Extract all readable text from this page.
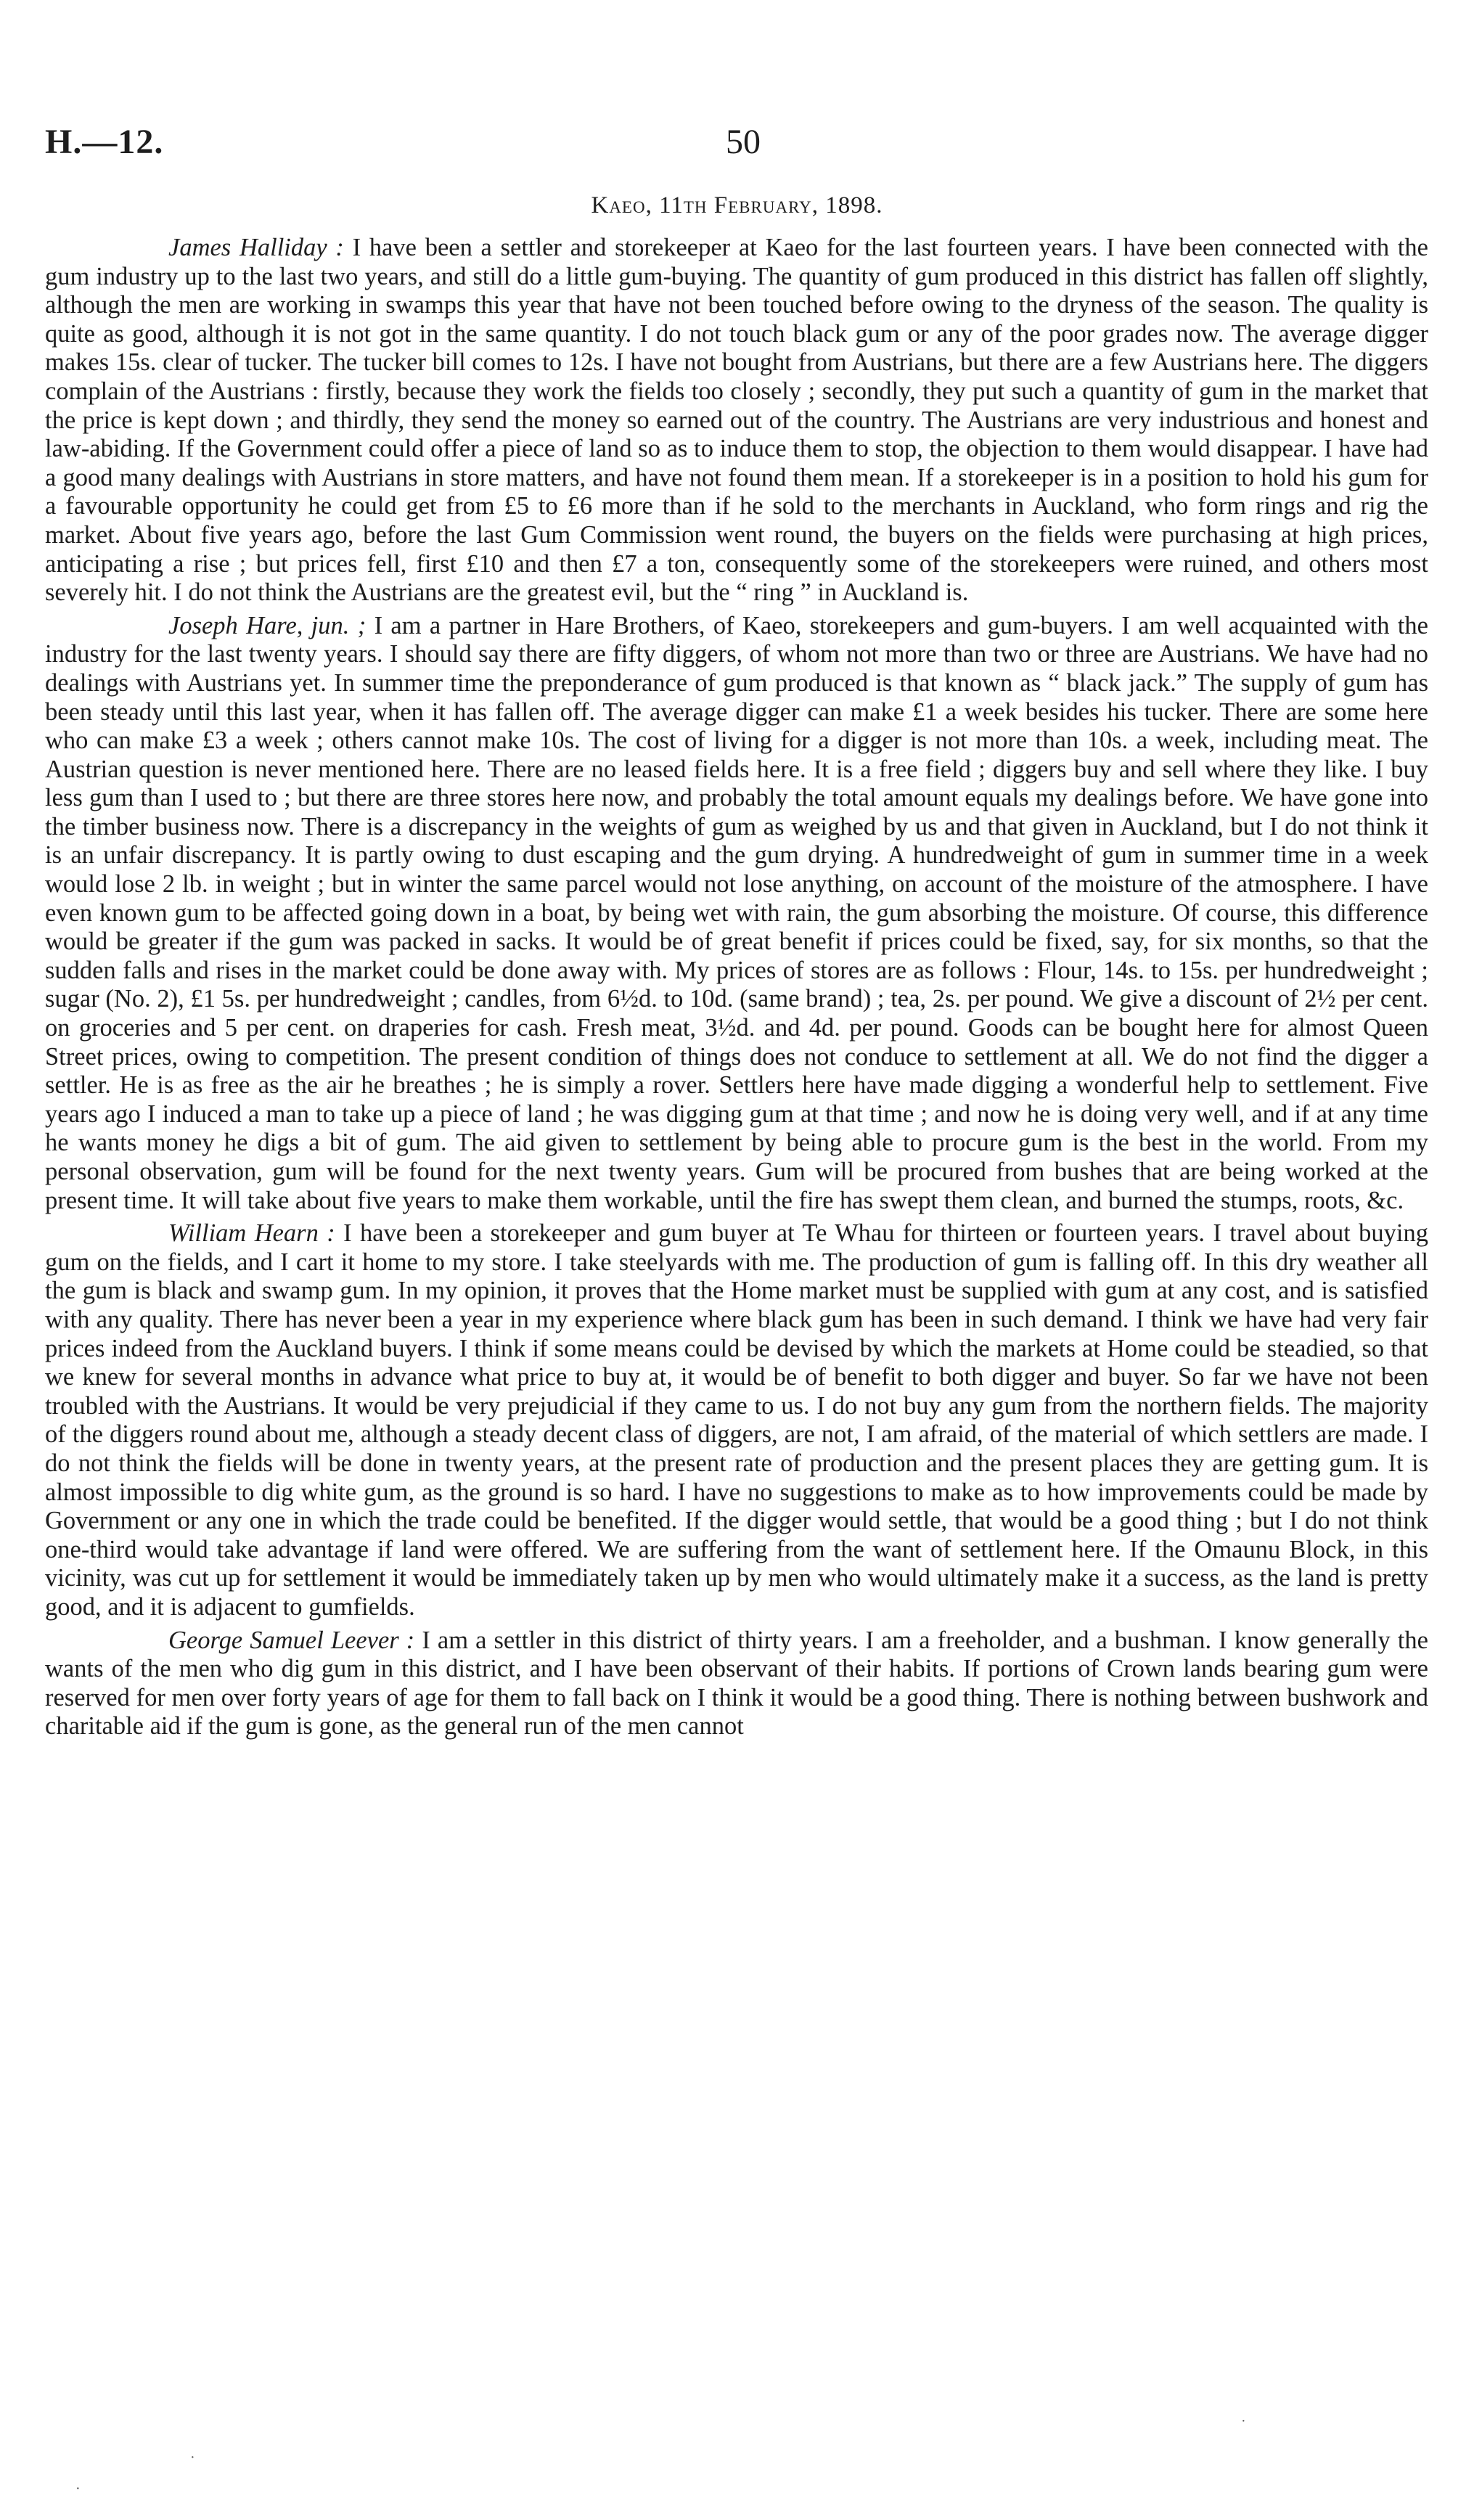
H.—12.	50
Kaeo, 11th February, 1898.

James Halliday : I have been a settler and storekeeper at Kaeo for the last fourteen years. I have been connected with the gum industry up to the last two years, and still do a little gum-buying. The quantity of gum produced in this district has fallen off slightly, although the men are working in swamps this year that have not been touched before owing to the dryness of the season. The quality is quite as good, although it is not got in the same quantity. I do not touch black gum or any of the poor grades now. The average digger makes 15s. clear of tucker. The tucker bill comes to 12s. I have not bought from Austrians, but there are a few Austrians here. The diggers complain of the Austrians : firstly, because they work the fields too closely ; secondly, they put such a quantity of gum in the market that the price is kept down ; and thirdly, they send the money so earned out of the country. The Austrians are very industrious and honest and law-abiding. If the Government could offer a piece of land so as to induce them to stop, the objection to them would disappear. I have had a good many dealings with Austrians in store matters, and have not found them mean. If a storekeeper is in a position to hold his gum for a favourable opportunity he could get from £5 to £6 more than if he sold to the merchants in Auckland, who form rings and rig the market. About five years ago, before the last Gum Commission went round, the buyers on the fields were purchasing at high prices, anticipating a rise ; but prices fell, first £10 and then £7 a ton, consequently some of the storekeepers were ruined, and others most severely hit. I do not think the Austrians are the greatest evil, but the “ ring ” in Auckland is.

Joseph Hare, jun. ; I am a partner in Hare Brothers, of Kaeo, storekeepers and gum-buyers. I am well acquainted with the industry for the last twenty years. I should say there are fifty diggers, of whom not more than two or three are Austrians. We have had no dealings with Austrians yet. In summer time the preponderance of gum produced is that known as “ black jack.” The supply of gum has been steady until this last year, when it has fallen off. The average digger can make £1 a week besides his tucker. There are some here who can make £3 a week ; others cannot make 10s. The cost of living for a digger is not more than 10s. a week, including meat. The Austrian question is never mentioned here. There are no leased fields here. It is a free field ; diggers buy and sell where they like. I buy less gum than I used to ; but there are three stores here now, and probably the total amount equals my dealings before. We have gone into the timber business now. There is a discrepancy in the weights of gum as weighed by us and that given in Auckland, but I do not think it is an unfair discrepancy. It is partly owing to dust escaping and the gum drying. A hundredweight of gum in summer time in a week would lose 2 lb. in weight ; but in winter the same parcel would not lose anything, on account of the moisture of the atmosphere. I have even known gum to be affected going down in a boat, by being wet with rain, the gum absorbing the moisture. Of course, this difference would be greater if the gum was packed in sacks. It would be of great benefit if prices could be fixed, say, for six months, so that the sudden falls and rises in the market could be done away with. My prices of stores are as follows : Flour, 14s. to 15s. per hundredweight ; sugar (No. 2), £1 5s. per hundredweight ; candles, from 6½d. to 10d. (same brand) ; tea, 2s. per pound. We give a discount of 2½ per cent. on groceries and 5 per cent. on draperies for cash. Fresh meat, 3½d. and 4d. per pound. Goods can be bought here for almost Queen Street prices, owing to competition. The present condition of things does not conduce to settlement at all. We do not find the digger a settler. He is as free as the air he breathes ; he is simply a rover. Settlers here have made digging a wonderful help to settlement. Five years ago I induced a man to take up a piece of land ; he was digging gum at that time ; and now he is doing very well, and if at any time he wants money he digs a bit of gum. The aid given to settlement by being able to procure gum is the best in the world. From my personal observation, gum will be found for the next twenty years. Gum will be procured from bushes that are being worked at the present time. It will take about five years to make them workable, until the fire has swept them clean, and burned the stumps, roots, &c.

William Hearn : I have been a storekeeper and gum buyer at Te Whau for thirteen or fourteen years. I travel about buying gum on the fields, and I cart it home to my store. I take steelyards with me. The production of gum is falling off. In this dry weather all the gum is black and swamp gum. In my opinion, it proves that the Home market must be supplied with gum at any cost, and is satisfied with any quality. There has never been a year in my experience where black gum has been in such demand. I think we have had very fair prices indeed from the Auckland buyers. I think if some means could be devised by which the markets at Home could be steadied, so that we knew for several months in advance what price to buy at, it would be of benefit to both digger and buyer. So far we have not been troubled with the Austrians. It would be very prejudicial if they came to us. I do not buy any gum from the northern fields. The majority of the diggers round about me, although a steady decent class of diggers, are not, I am afraid, of the material of which settlers are made. I do not think the fields will be done in twenty years, at the present rate of production and the present places they are getting gum. It is almost impossible to dig white gum, as the ground is so hard. I have no suggestions to make as to how improvements could be made by Government or any one in which the trade could be benefited. If the digger would settle, that would be a good thing ; but I do not think one-third would take advantage if land were offered. We are suffering from the want of settlement here. If the Omaunu Block, in this vicinity, was cut up for settlement it would be immediately taken up by men who would ultimately make it a success, as the land is pretty good, and it is adjacent to gumfields.

George Samuel Leever : I am a settler in this district of thirty years. I am a freeholder, and a bushman. I know generally the wants of the men who dig gum in this district, and I have been observant of their habits. If portions of Crown lands bearing gum were reserved for men over forty years of age for them to fall back on I think it would be a good thing. There is nothing between bushwork and charitable aid if the gum is gone, as the general run of the men cannot

·
·
·
